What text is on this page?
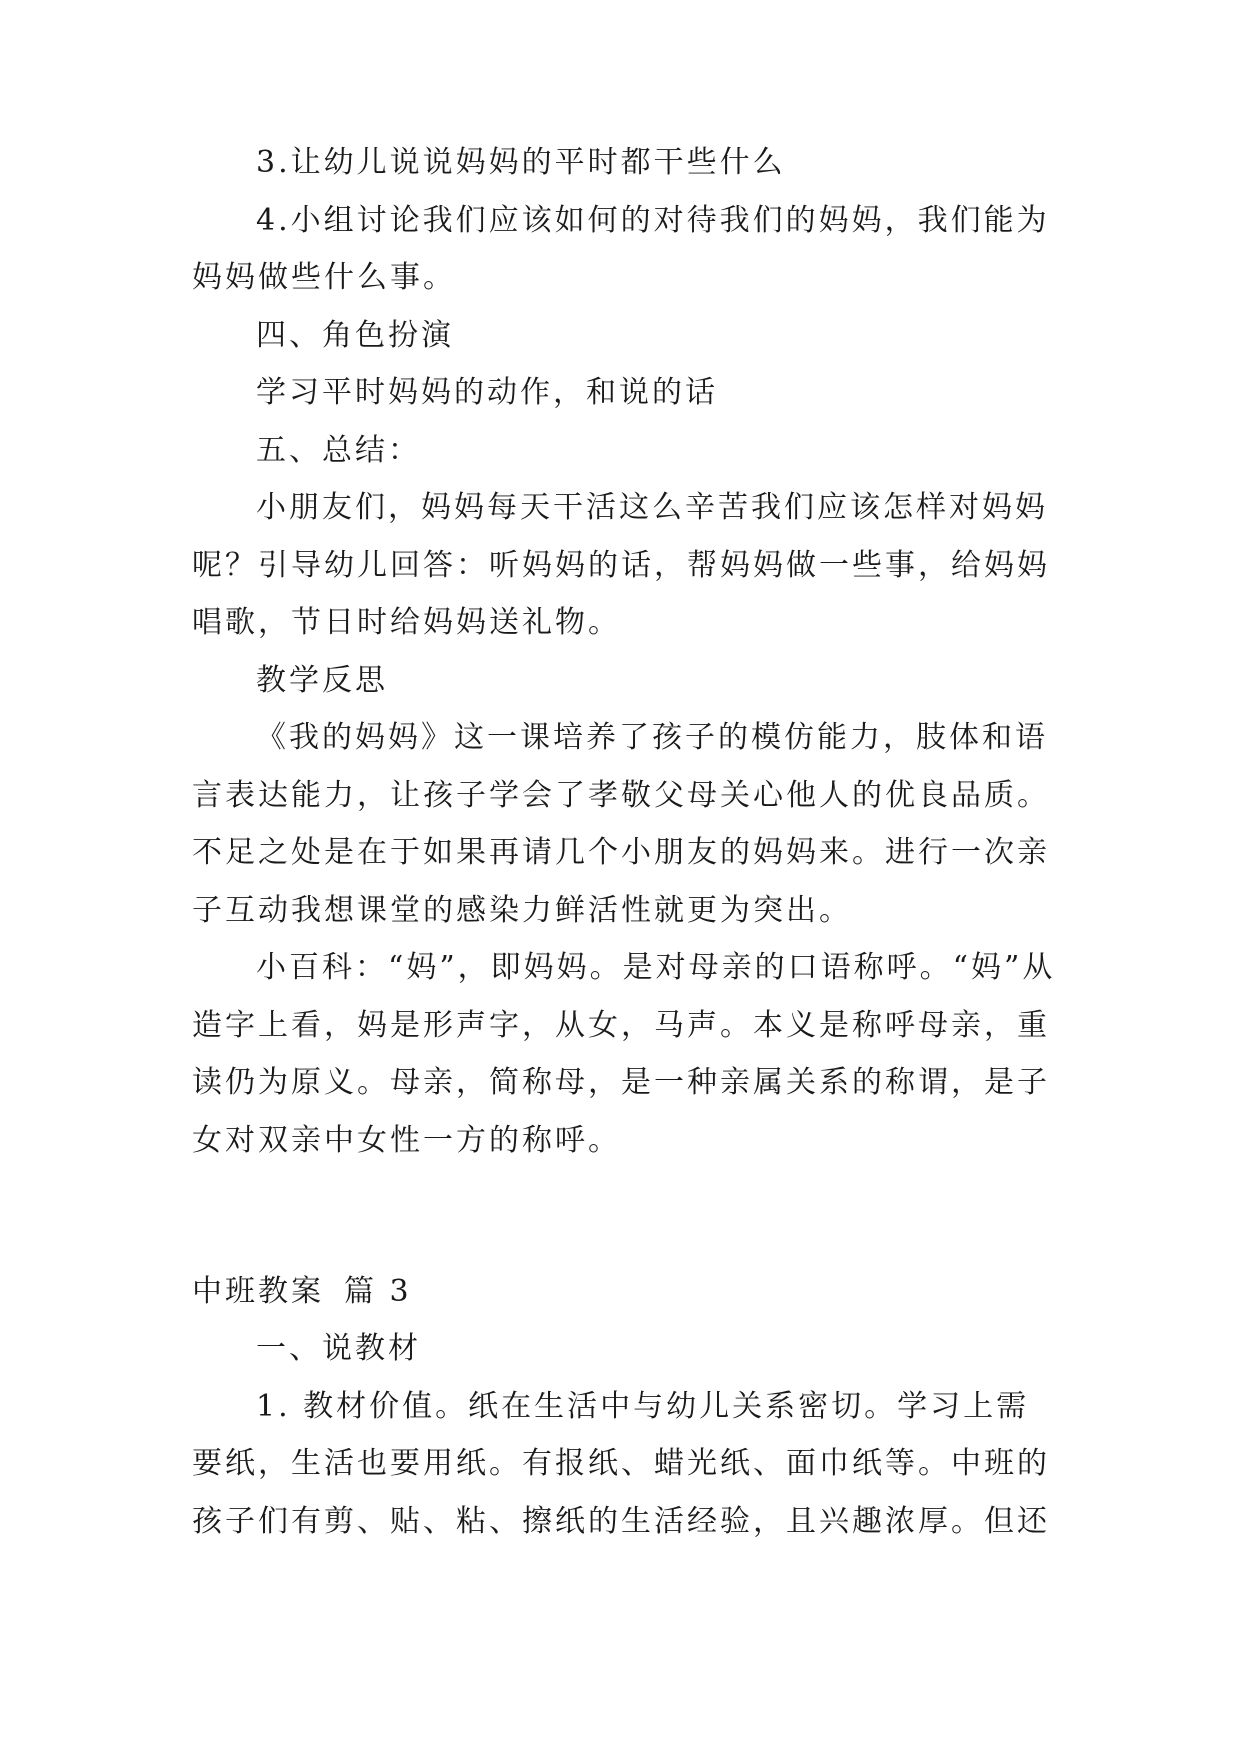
3.让幼儿说说妈妈的平时都干些什么

4.小组讨论我们应该如何的对待我们的妈妈，我们能为妈妈做些什么事。

四、角色扮演

学习平时妈妈的动作，和说的话

五、总结：

小朋友们，妈妈每天干活这么辛苦我们应该怎样对妈妈呢？引导幼儿回答：听妈妈的话，帮妈妈做一些事，给妈妈唱歌，节日时给妈妈送礼物。

教学反思

《我的妈妈》这一课培养了孩子的模仿能力，肢体和语言表达能力，让孩子学会了孝敬父母关心他人的优良品质。不足之处是在于如果再请几个小朋友的妈妈来。进行一次亲子互动我想课堂的感染力鲜活性就更为突出。

小百科：“妈”，即妈妈。是对母亲的口语称呼。“妈”从造字上看，妈是形声字，从女，马声。本义是称呼母亲，重读仍为原义。母亲，简称母，是一种亲属关系的称谓，是子女对双亲中女性一方的称呼。

中班教案 篇 3

一、说教材

1. 教材价值。纸在生活中与幼儿关系密切。学习上需要纸，生活也要用纸。有报纸、蜡光纸、面巾纸等。中班的孩子们有剪、贴、粘、擦纸的生活经验，且兴趣浓厚。但还
